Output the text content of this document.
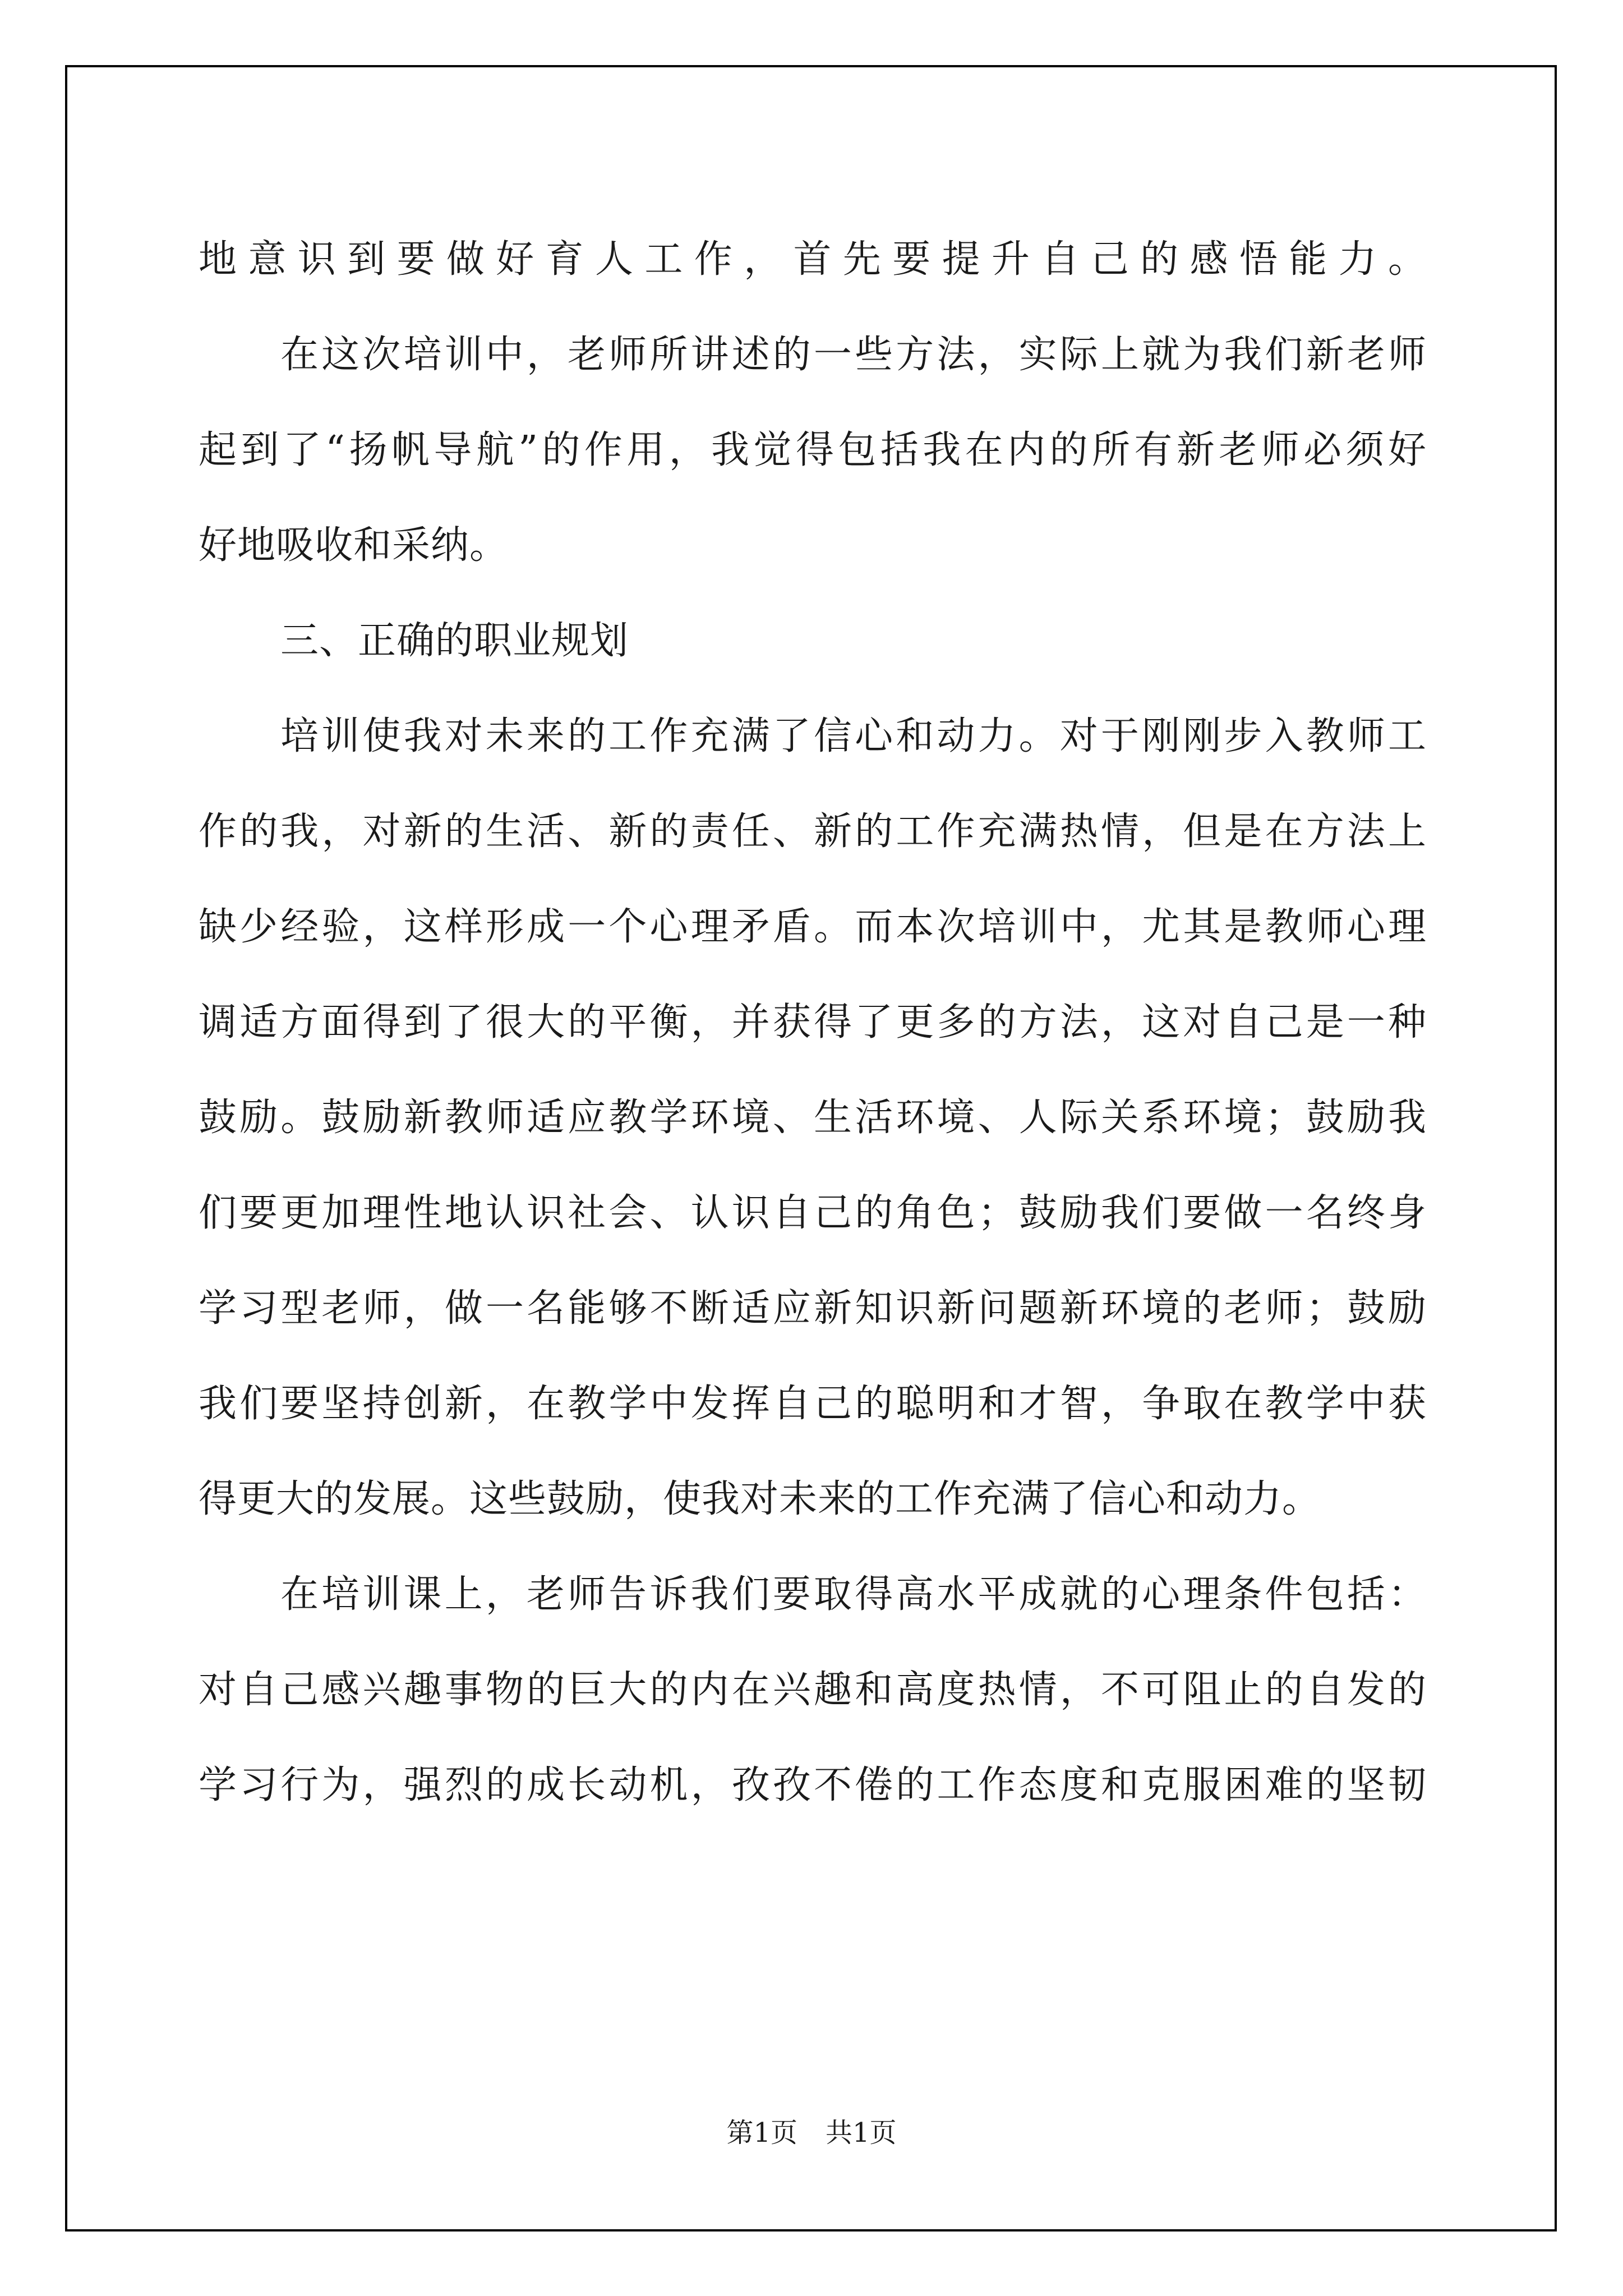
地意识到要做好育人工作，首先要提升自己的感悟能力。
在这次培训中，老师所讲述的一些方法，实际上就为我们新老师
起到了“扬帆导航”的作用，我觉得包括我在内的所有新老师必须好
好地吸收和采纳。
三、正确的职业规划
培训使我对未来的工作充满了信心和动力。对于刚刚步入教师工
作的我，对新的生活、新的责任、新的工作充满热情，但是在方法上
缺少经验，这样形成一个心理矛盾。而本次培训中，尤其是教师心理
调适方面得到了很大的平衡，并获得了更多的方法，这对自己是一种
鼓励。鼓励新教师适应教学环境、生活环境、人际关系环境；鼓励我
们要更加理性地认识社会、认识自己的角色；鼓励我们要做一名终身
学习型老师，做一名能够不断适应新知识新问题新环境的老师；鼓励
我们要坚持创新，在教学中发挥自己的聪明和才智，争取在教学中获
得更大的发展。这些鼓励，使我对未来的工作充满了信心和动力。
在培训课上，老师告诉我们要取得高水平成就的心理条件包括：
对自己感兴趣事物的巨大的内在兴趣和高度热情，不可阻止的自发的
学习行为，强烈的成长动机，孜孜不倦的工作态度和克服困难的坚韧
第1页 共1页
